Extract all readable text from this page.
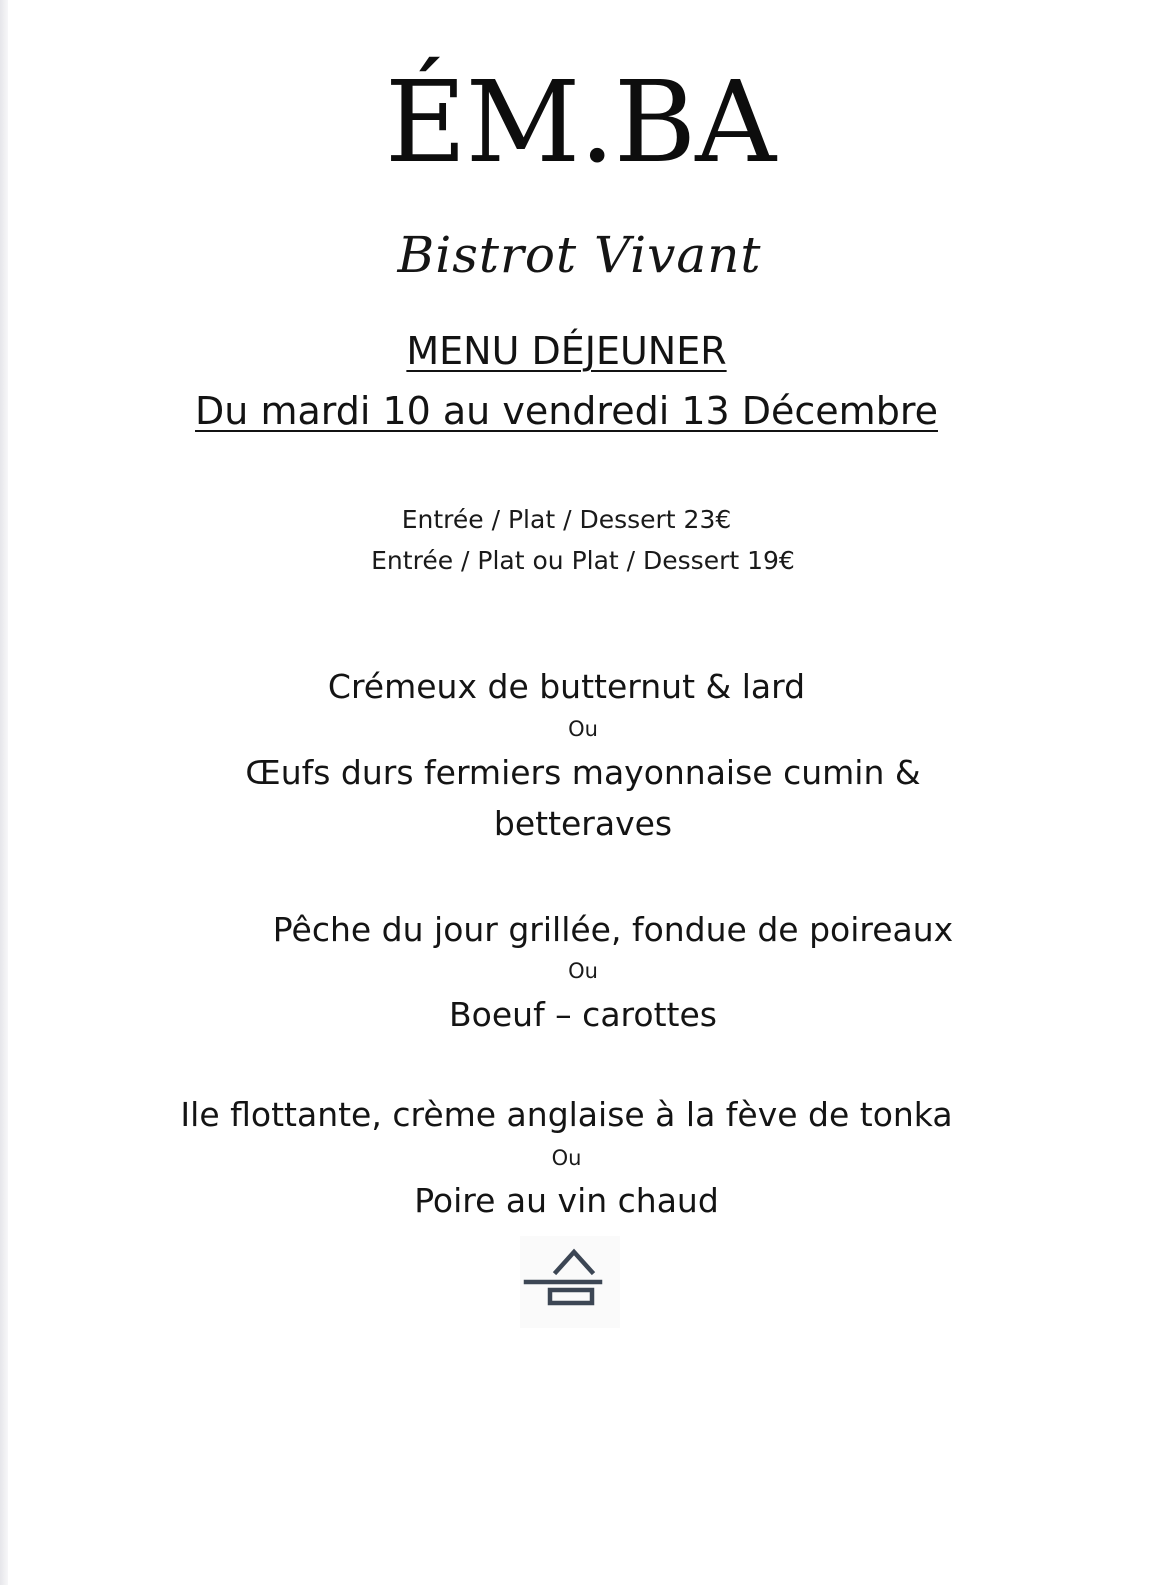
ÉM.BA
Bistrot Vivant
MENU DÉJEUNER
Du mardi 10 au vendredi 13 Décembre
Entrée / Plat / Dessert 23€
Entrée / Plat ou Plat / Dessert 19€
Crémeux de butternut & lard
Ou
Œufs durs fermiers mayonnaise cumin &
betteraves
Pêche du jour grillée, fondue de poireaux
Ou
Boeuf – carottes
Ile flottante, crème anglaise à la fève de tonka
Ou
Poire au vin chaud
